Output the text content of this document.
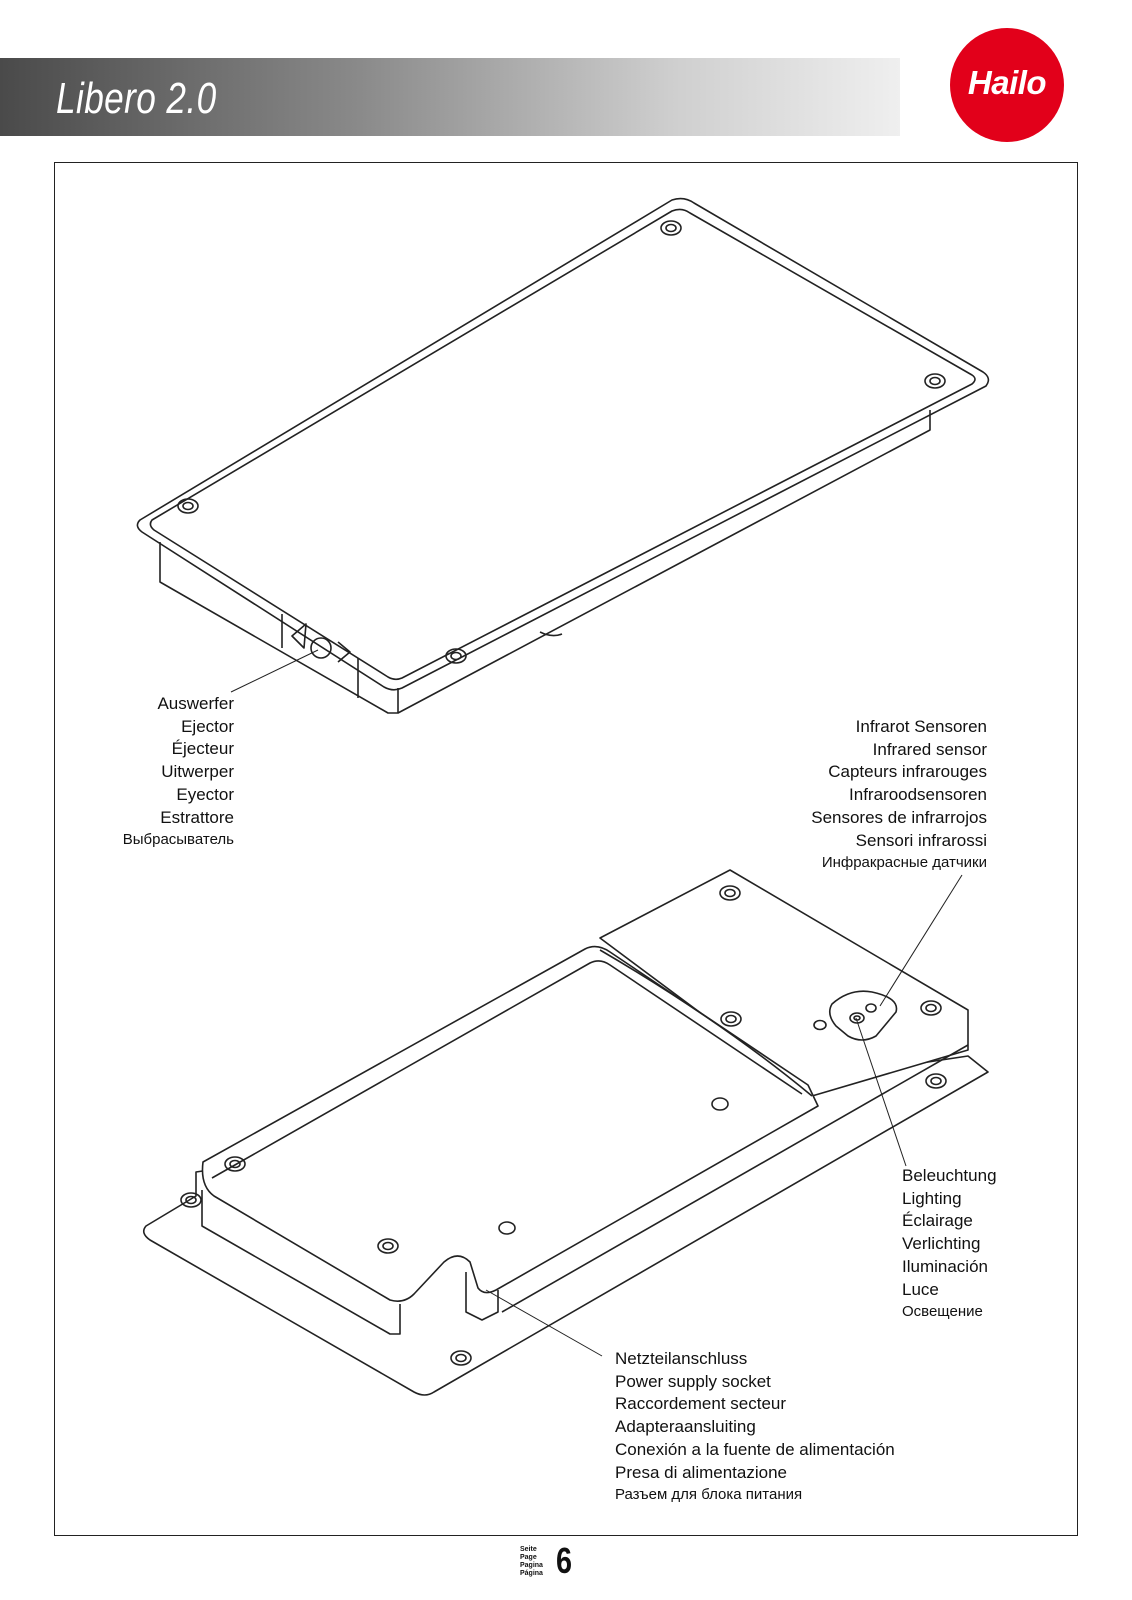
Libero 2.0	Hailo
Auswerfer
Ejector
Éjecteur
Uitwerper
Eyector
Estrattore
Выбрасыватель
Infrarot Sensoren
Infrared sensor
Capteurs infrarouges
Infraroodsensoren
Sensores de infrarrojos
Sensori infrarossi
Инфракрасные датчики
Beleuchtung
Lighting
Éclairage
Verlichting
Iluminación
Luce
Освещение
Netzteilanschluss
Power supply socket
Raccordement secteur
Adapteraansluiting
Conexión a la fuente de alimentación
Presa di alimentazione
Разъем для блока питания
Seite
Page
Pagina
Página 6
